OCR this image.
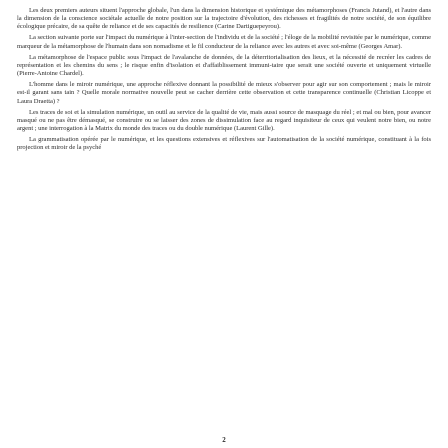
Les deux premiers auteurs situent l'approche globale, l'un dans la dimension historique et systémique des métamorphoses (Francis Jutand), et l'autre dans la dimension de la conscience sociétale actuelle de notre position sur la trajectoire d'évolution, des richesses et fragilités de notre société, de son équilibre écologique précaire, de sa quête de reliance et de ses capacités de resilience (Carine Dartiguepeyrou).

La section suivante porte sur l'impact du numérique à l'inter-section de l'individu et de la société ; l'éloge de la mobilité revisitée par le numérique, comme marqueur de la métamorphose de l'humain dans son nomadisme et le fil conducteur de la reliance avec les autres et avec soi-même (Georges Amar).

La métamorphose de l'espace public sous l'impact de l'avalanche de données, de la déterritorialisation des lieux, et la nécessité de recréer les cadres de représentation et les chemins du sens ; le risque enfin d'isolation et d'affaiblissement immuni-taire que serait une société ouverte et uniquement virtuelle (Pierre-Antoine Chardel).

L'homme dans le miroir numérique, une approche réflexive donnant la possibilité de mieux s'observer pour agir sur son comportement ; mais le miroir est-il garant sans tain ? Quelle morale normative nouvelle peut se cacher derrière cette observation et cette transparence continuelle (Christian Licoppe et Laura Draetta) ?

Les traces de soi et la simulation numérique, un outil au service de la qualité de vie, mais aussi source de masquage du réel ; et mal ou bien, pour avancer masqué ou ne pas être démasqué, se construire ou se laisser des zones de dissimulation face au regard inquisiteur de ceux qui veulent notre bien, ou notre argent ; une interrogation à la Matrix du monde des traces ou du double numérique (Laurent Gille).

La grammatisation opérée par le numérique, et les questions extensives et réflexives sur l'automatisation de la société numérique, constituant à la fois projection et miroir de la psyché

2
